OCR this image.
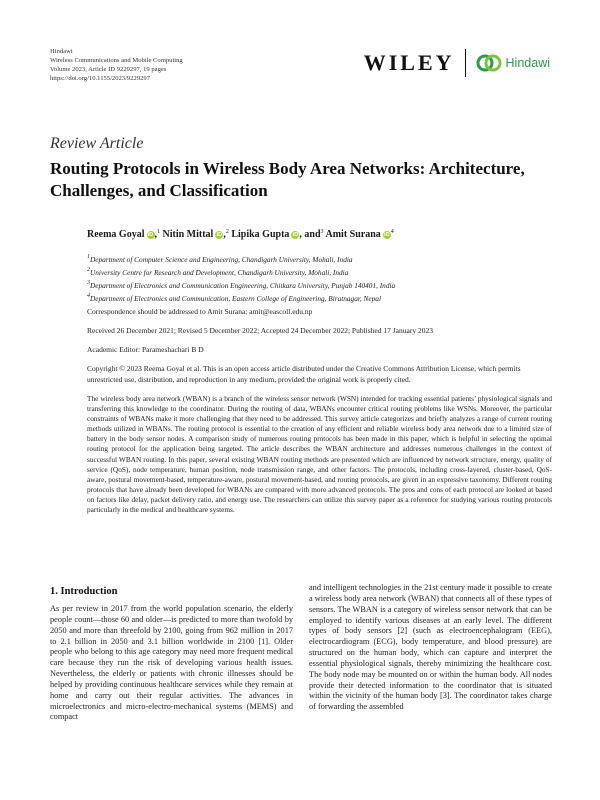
Hindawi
Wireless Communications and Mobile Computing
Volume 2023, Article ID 9229297, 19 pages
https://doi.org/10.1155/2023/9229297
WILEY	Hindawi
Review Article
Routing Protocols in Wireless Body Area Networks: Architecture, Challenges, and Classification
Reema Goyal iD,$^1$ Nitin Mittal iD,$^2$ Lipika Gupta iD, and$^3$ Amit Surana $iD^4$
$^1$Department of Computer Science and Engineering, Chandigarh University, Mohali, India
$^2$University Centre for Research and Development, Chandigarh University, Mohali, India
$^3$Department of Electronics and Communication Engineering, Chitkara University, Punjab 140401, India
$^4$Department of Electronics and Communication, Eastern College of Engineering, Biratnagar, Nepal
Correspondence should be addressed to Amit Surana; amit@eascoll.edu.np
Received 26 December 2021; Revised 5 December 2022; Accepted 24 December 2022; Published 17 January 2023
Academic Editor: Parameshachari B D
Copyright © 2023 Reema Goyal et al. This is an open access article distributed under the Creative Commons Attribution License, which permits unrestricted use, distribution, and reproduction in any medium, provided the original work is properly cited.
The wireless body area network (WBAN) is a branch of the wireless sensor network (WSN) intended for tracking essential patients’ physiological signals and transferring this knowledge to the coordinator. During the routing of data, WBANs encounter critical routing problems like WSNs. Moreover, the particular constraints of WBANs make it more challenging that they need to be addressed. This survey article categorizes and briefly analyzes a range of current routing methods utilized in WBANs. The routing protocol is essential to the creation of any efficient and reliable wireless body area network due to a limited size of battery in the body sensor nodes. A comparison study of numerous routing protocols has been made in this paper, which is helpful in selecting the optimal routing protocol for the application being targeted. The article describes the WBAN architecture and addresses numerous challenges in the context of successful WBAN routing. In this paper, several existing WBAN routing methods are presented which are influenced by network structure, energy, quality of service (QoS), node temperature, human position, node transmission range, and other factors. The protocols, including cross-layered, cluster-based, QoS-aware, postural movement-based, temperature-aware, postural movement-based, and routing protocols, are given in an expressive taxonomy. Different routing protocols that have already been developed for WBANs are compared with more advanced protocols. The pros and cons of each protocol are looked at based on factors like delay, packet delivery ratio, and energy use. The researchers can utilize this survey paper as a reference for studying various routing protocols particularly in the medical and healthcare systems.
1. Introduction
As per review in 2017 from the world population scenario, the elderly people count—those 60 and older—is predicted to more than twofold by 2050 and more than threefold by 2100, going from 962 million in 2017 to 2.1 billion in 2050 and 3.1 billion worldwide in 2100 [1]. Older people who belong to this age category may need more frequent medical care because they run the risk of developing various health issues. Nevertheless, the elderly or patients with chronic illnesses should be helped by providing continuous healthcare services while they remain at home and carry out their regular activities. The advances in microelectronics and micro-electro-mechanical systems (MEMS) and compact
and intelligent technologies in the 21st century made it possible to create a wireless body area network (WBAN) that connects all of these types of sensors. The WBAN is a category of wireless sensor network that can be employed to identify various diseases at an early level. The different types of body sensors [2] (such as electroencephalogram (EEG), electrocardiogram (ECG), body temperature, and blood pressure) are structured on the human body, which can capture and interpret the essential physiological signals, thereby minimizing the healthcare cost. The body node may be mounted on or within the human body. All nodes provide their detected information to the coordinator that is situated within the vicinity of the human body [3]. The coordinator takes charge of forwarding the assembled
